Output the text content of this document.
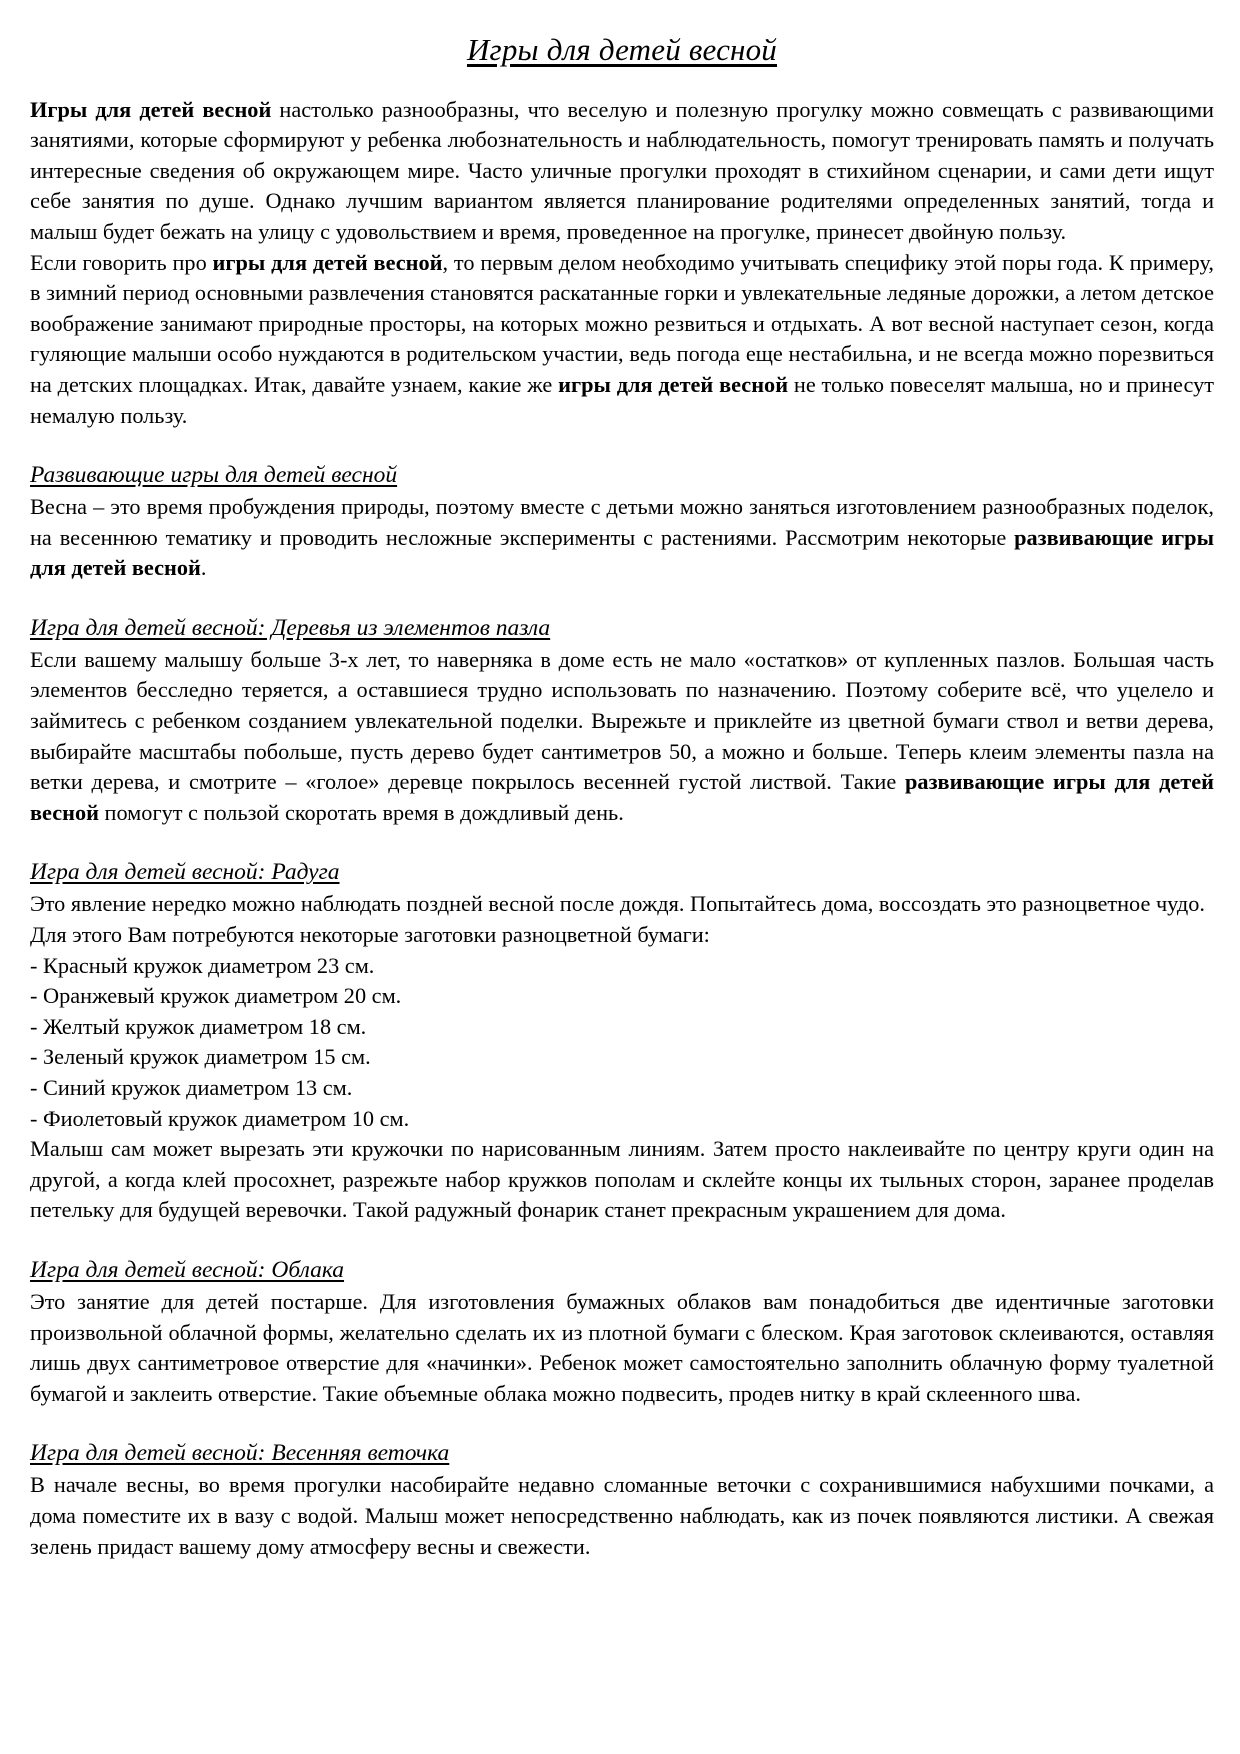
Игры для детей весной

Игры для детей весной настолько разнообразны, что веселую и полезную прогулку можно совмещать с развивающими занятиями, которые сформируют у ребенка любознательность и наблюдательность, помогут тренировать память и получать интересные сведения об окружающем мире. Часто уличные прогулки проходят в стихийном сценарии, и сами дети ищут себе занятия по душе. Однако лучшим вариантом является планирование родителями определенных занятий, тогда и малыш будет бежать на улицу с удовольствием и время, проведенное на прогулке, принесет двойную пользу.

Если говорить про игры для детей весной, то первым делом необходимо учитывать специфику этой поры года. К примеру, в зимний период основными развлечения становятся раскатанные горки и увлекательные ледяные дорожки, а летом детское воображение занимают природные просторы, на которых можно резвиться и отдыхать. А вот весной наступает сезон, когда гуляющие малыши особо нуждаются в родительском участии, ведь погода еще нестабильна, и не всегда можно порезвиться на детских площадках. Итак, давайте узнаем, какие же игры для детей весной не только повеселят малыша, но и принесут немалую пользу.

Развивающие игры для детей весной

Весна – это время пробуждения природы, поэтому вместе с детьми можно заняться изготовлением разнообразных поделок, на весеннюю тематику и проводить несложные эксперименты с растениями. Рассмотрим некоторые развивающие игры для детей весной.

Игра для детей весной: Деревья из элементов пазла

Если вашему малышу больше 3-х лет, то наверняка в доме есть не мало «остатков» от купленных пазлов. Большая часть элементов бесследно теряется, а оставшиеся трудно использовать по назначению. Поэтому соберите всё, что уцелело и займитесь с ребенком созданием увлекательной поделки. Вырежьте и приклейте из цветной бумаги ствол и ветви дерева, выбирайте масштабы побольше, пусть дерево будет сантиметров 50, а можно и больше. Теперь клеим элементы пазла на ветки дерева, и смотрите – «голое» деревце покрылось весенней густой листвой. Такие развивающие игры для детей весной помогут с пользой скоротать время в дождливый день.

Игра для детей весной: Радуга

Это явление нередко можно наблюдать поздней весной после дождя. Попытайтесь дома, воссоздать это разноцветное чудо.

Для этого Вам потребуются некоторые заготовки разноцветной бумаги:

- Красный кружок диаметром 23 см.
- Оранжевый кружок диаметром 20 см.
- Желтый кружок диаметром 18 см.
- Зеленый кружок диаметром 15 см.
- Синий кружок диаметром 13 см.
- Фиолетовый кружок диаметром 10 см.

Малыш сам может вырезать эти кружочки по нарисованным линиям. Затем просто наклеивайте по центру круги один на другой, а когда клей просохнет, разрежьте набор кружков пополам и склейте концы их тыльных сторон, заранее проделав петельку для будущей веревочки. Такой радужный фонарик станет прекрасным украшением для дома.

Игра для детей весной: Облака

Это занятие для детей постарше. Для изготовления бумажных облаков вам понадобиться две идентичные заготовки произвольной облачной формы, желательно сделать их из плотной бумаги с блеском. Края заготовок склеиваются, оставляя лишь двух сантиметровое отверстие для «начинки». Ребенок может самостоятельно заполнить облачную форму туалетной бумагой и заклеить отверстие. Такие объемные облака можно подвесить, продев нитку в край склеенного шва.

Игра для детей весной: Весенняя веточка

В начале весны, во время прогулки насобирайте недавно сломанные веточки с сохранившимися набухшими почками, а дома поместите их в вазу с водой. Малыш может непосредственно наблюдать, как из почек появляются листики. А свежая зелень придаст вашему дому атмосферу весны и свежести.
